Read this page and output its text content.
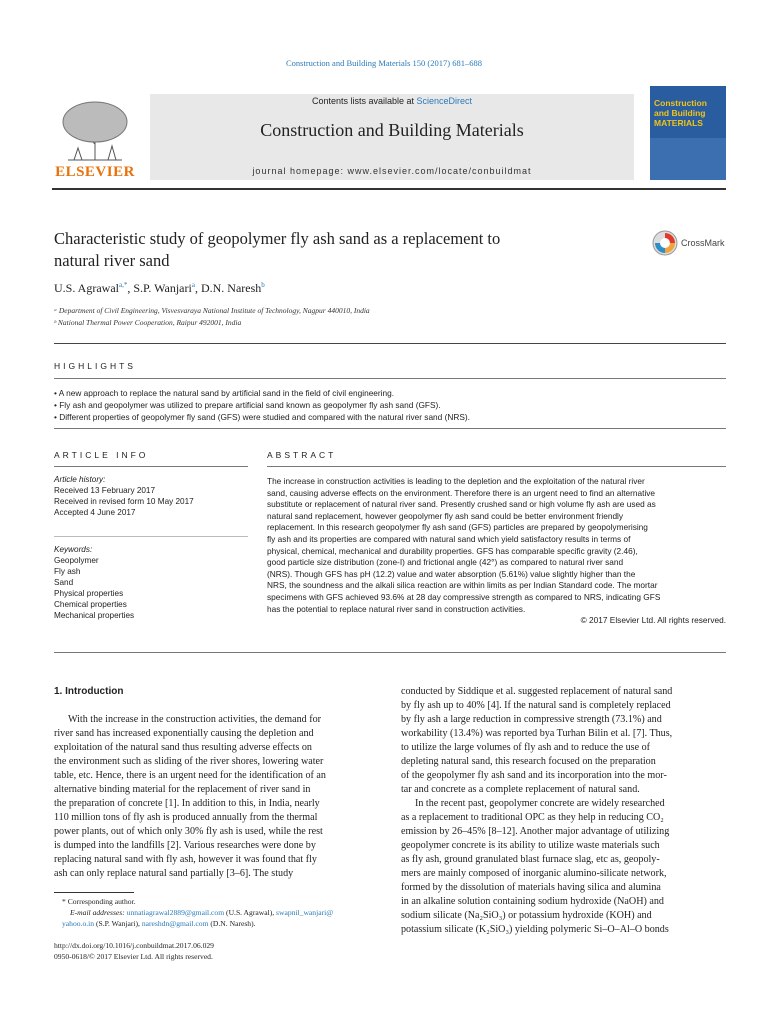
Construction and Building Materials 150 (2017) 681–688
Contents lists available at ScienceDirect
Construction and Building Materials
journal homepage: www.elsevier.com/locate/conbuildmat
ELSEVIER
Construction and Building MATERIALS
Characteristic study of geopolymer fly ash sand as a replacement to
natural river sand
CrossMark
U.S. Agrawal$^{a,*}$, S.P. Wanjari$^a$, D.N. Naresh$^b$
ᵃ Department of Civil Engineering, Visvesvaraya National Institute of Technology, Nagpur 440010, India
ᵇ National Thermal Power Cooperation, Raipur 492001, India
HIGHLIGHTS
• A new approach to replace the natural sand by artificial sand in the field of civil engineering.
• Fly ash and geopolymer was utilized to prepare artificial sand known as geopolymer fly ash sand (GFS).
• Different properties of geopolymer fly sand (GFS) were studied and compared with the natural river sand (NRS).
ARTICLE INFO	ABSTRACT
Article history:
Received 13 February 2017
Received in revised form 10 May 2017
Accepted 4 June 2017
Keywords:
Geopolymer
Fly ash
Sand
Physical properties
Chemical properties
Mechanical properties
The increase in construction activities is leading to the depletion and the exploitation of the natural river
sand, causing adverse effects on the environment. Therefore there is an urgent need to find an alternative
substitute or replacement of natural river sand. Presently crushed sand or high volume fly ash are used as
natural sand replacement, however geopolymer fly ash sand could be better environment friendly
replacement. In this research geopolymer fly ash sand (GFS) particles are prepared by geopolymerising
fly ash and its properties are compared with natural sand which yield satisfactory results in terms of
physical, chemical, mechanical and durability properties. GFS has comparable specific gravity (2.46),
good particle size distribution (zone-I) and frictional angle (42°) as compared to natural river sand
(NRS). Though GFS has pH (12.2) value and water absorption (5.61%) value slightly higher than the
NRS, the soundness and the alkali silica reaction are within limits as per Indian Standard code. The mortar
specimens with GFS achieved 93.6% at 28 day compressive strength as compared to NRS, indicating GFS
has the potential to replace natural river sand in construction activities.
© 2017 Elsevier Ltd. All rights reserved.
1. Introduction
With the increase in the construction activities, the demand for
river sand has increased exponentially causing the depletion and
exploitation of the natural sand thus resulting adverse effects on
the environment such as sliding of the river shores, lowering water
table, etc. Hence, there is an urgent need for the identification of an
alternative binding material for the replacement of river sand in
the preparation of concrete [1]. In addition to this, in India, nearly
110 million tons of fly ash is produced annually from the thermal
power plants, out of which only 30% fly ash is used, while the rest
is dumped into the landfills [2]. Various researches were done by
replacing natural sand with fly ash, however it was found that fly
ash can only replace natural sand partially [3–6]. The study
* Corresponding author.
E-mail addresses: unnatiagrawal2889@gmail.com (U.S. Agrawal), swapnil_wanjari@
yahoo.o.in (S.P. Wanjari), nareshdn@gmail.com (D.N. Naresh).
http://dx.doi.org/10.1016/j.conbuildmat.2017.06.029
0950-0618/© 2017 Elsevier Ltd. All rights reserved.
conducted by Siddique et al. suggested replacement of natural sand
by fly ash up to 40% [4]. If the natural sand is completely replaced
by fly ash a large reduction in compressive strength (73.1%) and
workability (13.4%) was reported bya Turhan Bilin et al. [7]. Thus,
to utilize the large volumes of fly ash and to reduce the use of
depleting natural sand, this research focused on the preparation
of the geopolymer fly ash sand and its incorporation into the mor-
tar and concrete as a complete replacement of natural sand.
In the recent past, geopolymer concrete are widely researched
as a replacement to traditional OPC as they help in reducing CO₂
emission by 26–45% [8–12]. Another major advantage of utilizing
geopolymer concrete is its ability to utilize waste materials such
as fly ash, ground granulated blast furnace slag, etc as, geopoly-
mers are mainly composed of inorganic alumino-silicate network,
formed by the dissolution of materials having silica and alumina
in an alkaline solution containing sodium hydroxide (NaOH) and
sodium silicate (Na₂SiO₃) or potassium hydroxide (KOH) and
potassium silicate (K₂SiO₃) yielding polymeric Si–O–Al–O bonds
